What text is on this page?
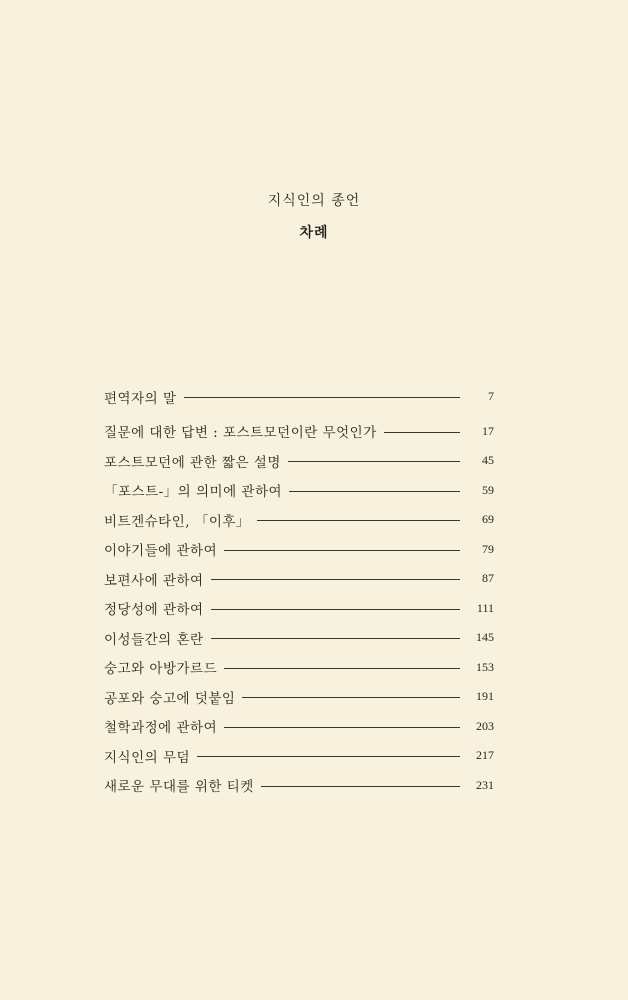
지식인의 종언
차례
편역자의 말	7
질문에 대한 답변 : 포스트모던이란 무엇인가	17
포스트모던에 관한 짧은 설명	45
「포스트-」의 의미에 관하여	59
비트겐슈타인, 「이후」	69
이야기들에 관하여	79
보편사에 관하여	87
정당성에 관하여	111
이성들간의 혼란	145
숭고와 아방가르드	153
공포와 숭고에 덧붙임	191
철학과정에 관하여	203
지식인의 무덤	217
새로운 무대를 위한 티켓	231
